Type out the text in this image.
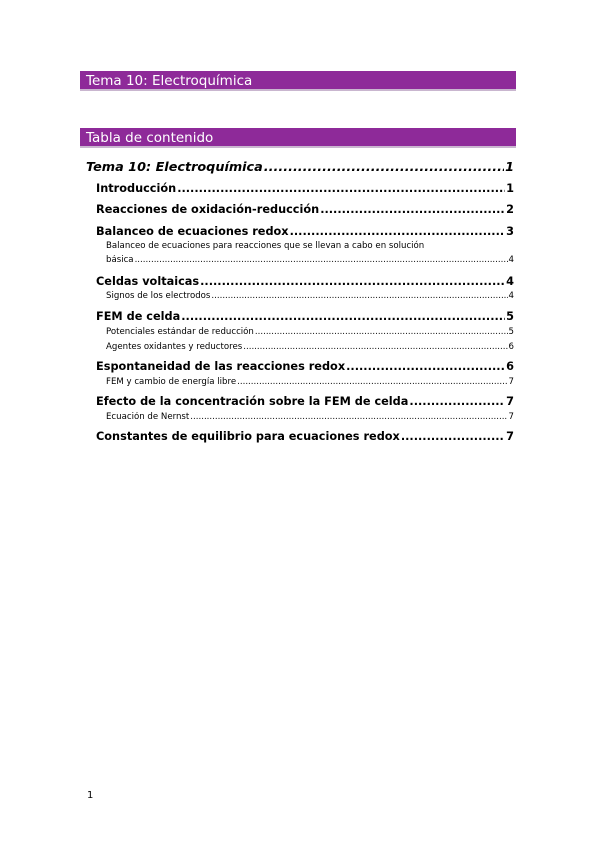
Tema 10: Electroquímica
Tabla de contenido
Tema 10: Electroquímica .....	1
Introducción .....	1
Reacciones de oxidación-reducción .....	2
Balanceo de ecuaciones redox .....	3
Balanceo de ecuaciones para reacciones que se llevan a cabo en solución
básica .....	4
Celdas voltaicas .....	4
Signos de los electrodos .....	4
FEM de celda .....	5
Potenciales estándar de reducción .....	5
Agentes oxidantes y reductores .....	6
Espontaneidad de las reacciones redox .....	6
FEM y cambio de energía libre .....	7
Efecto de la concentración sobre la FEM de celda .....	7
Ecuación de Nernst .....	7
Constantes de equilibrio para ecuaciones redox .....	7
1
